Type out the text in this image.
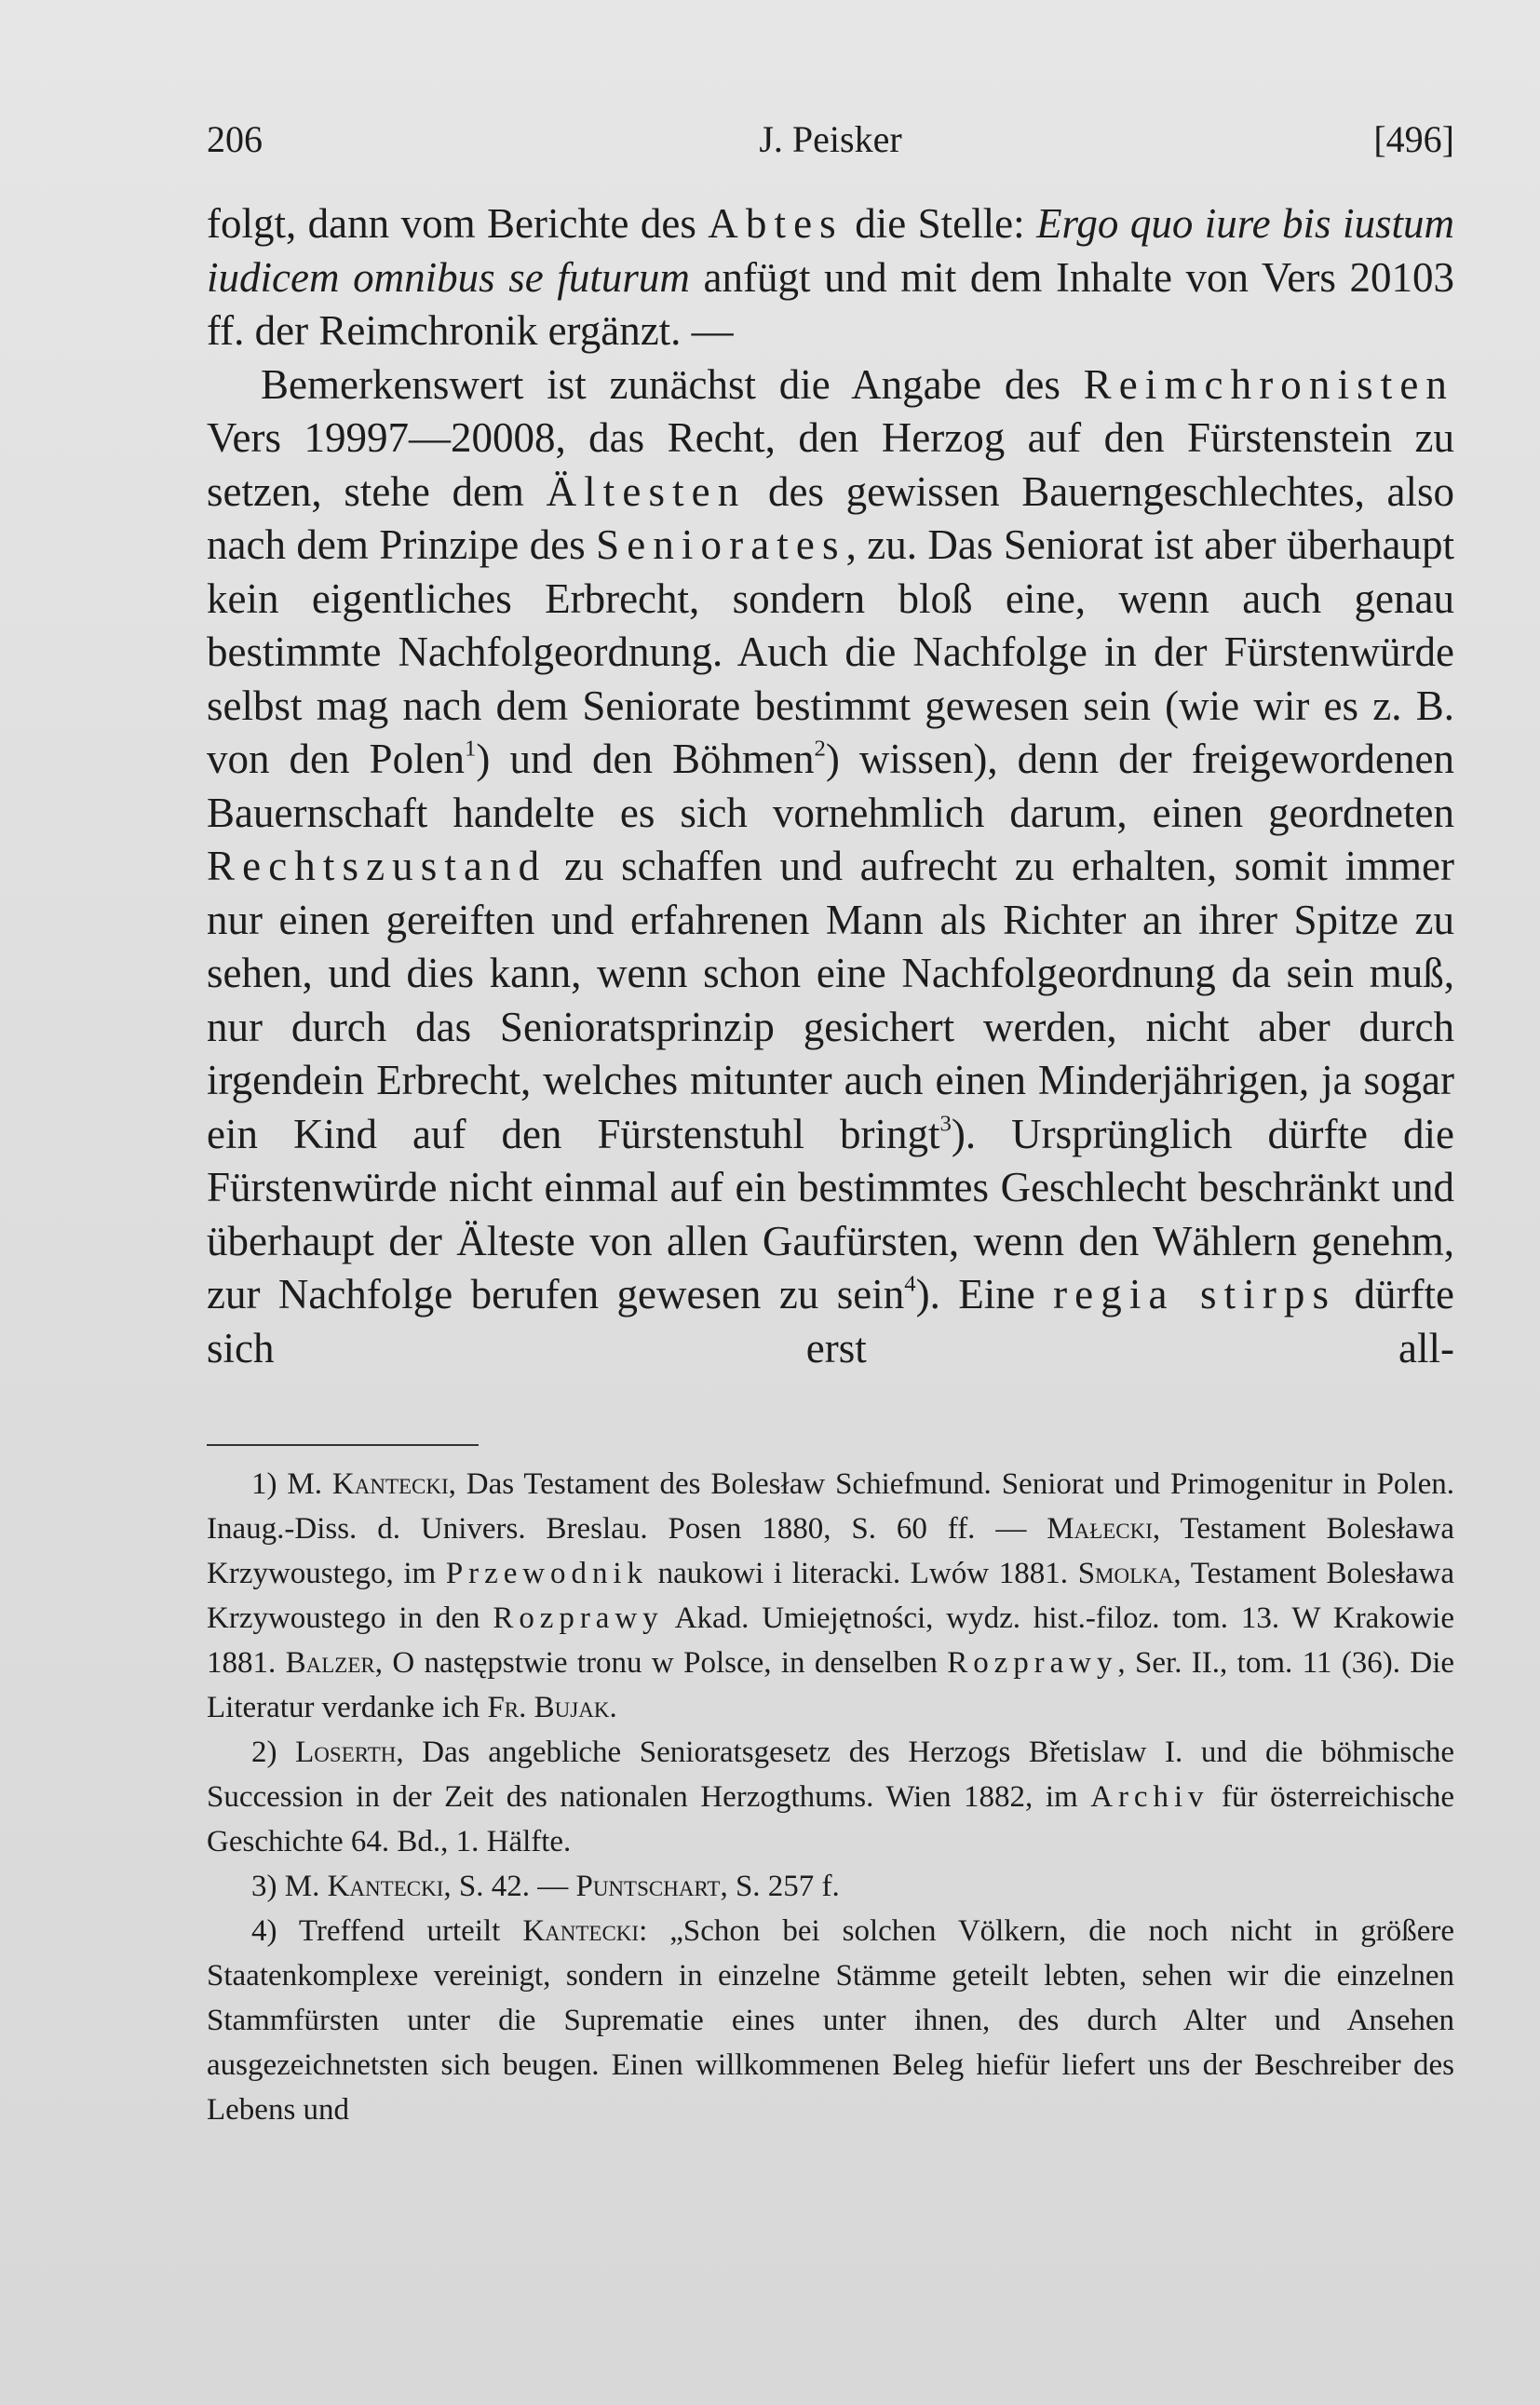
206	J. Peisker	[496]

folgt, dann vom Berichte des Abtes die Stelle: Ergo quo iure bis iustum iudicem omnibus se futurum anfügt und mit dem Inhalte von Vers 20103 ff. der Reimchronik ergänzt. —

Bemerkenswert ist zunächst die Angabe des Reimchronisten Vers 19997—20008, das Recht, den Herzog auf den Fürstenstein zu setzen, stehe dem Ältesten des gewissen Bauerngeschlechtes, also nach dem Prinzipe des Seniorates, zu. Das Seniorat ist aber überhaupt kein eigentliches Erbrecht, sondern bloß eine, wenn auch genau bestimmte Nachfolgeordnung. Auch die Nachfolge in der Fürstenwürde selbst mag nach dem Seniorate bestimmt gewesen sein (wie wir es z. B. von den Polen$^1$) und den Böhmen$^2$) wissen), denn der freigewordenen Bauernschaft handelte es sich vornehmlich darum, einen geordneten Rechtszustand zu schaffen und aufrecht zu erhalten, somit immer nur einen gereiften und erfahrenen Mann als Richter an ihrer Spitze zu sehen, und dies kann, wenn schon eine Nachfolgeordnung da sein muß, nur durch das Senioratsprinzip gesichert werden, nicht aber durch irgendein Erbrecht, welches mitunter auch einen Minderjährigen, ja sogar ein Kind auf den Fürstenstuhl bringt$^3$). Ursprünglich dürfte die Fürstenwürde nicht einmal auf ein bestimmtes Geschlecht beschränkt und überhaupt der Älteste von allen Gaufürsten, wenn den Wählern genehm, zur Nachfolge berufen gewesen zu sein$^4$). Eine regia stirps dürfte sich erst all-

1) M. Kantecki, Das Testament des Bolesław Schiefmund. Seniorat und Primogenitur in Polen. Inaug.-Diss. d. Univers. Breslau. Posen 1880, S. 60 ff. — Małecki, Testament Bolesława Krzywoustego, im Przewodnik naukowi i literacki. Lwów 1881. Smolka, Testament Bolesława Krzywoustego in den Rozprawy Akad. Umiejętności, wydz. hist.-filoz. tom. 13. W Krakowie 1881. Balzer, O następstwie tronu w Polsce, in denselben Rozprawy, Ser. II., tom. 11 (36). Die Literatur verdanke ich Fr. Bujak.

2) Loserth, Das angebliche Senioratsgesetz des Herzogs Břetislaw I. und die böhmische Succession in der Zeit des nationalen Herzogthums. Wien 1882, im Archiv für österreichische Geschichte 64. Bd., 1. Hälfte.

3) M. Kantecki, S. 42. — Puntschart, S. 257 f.

4) Treffend urteilt Kantecki: „Schon bei solchen Völkern, die noch nicht in größere Staatenkomplexe vereinigt, sondern in einzelne Stämme geteilt lebten, sehen wir die einzelnen Stammfürsten unter die Suprematie eines unter ihnen, des durch Alter und Ansehen ausgezeichnetsten sich beugen. Einen willkommenen Beleg hiefür liefert uns der Beschreiber des Lebens und
